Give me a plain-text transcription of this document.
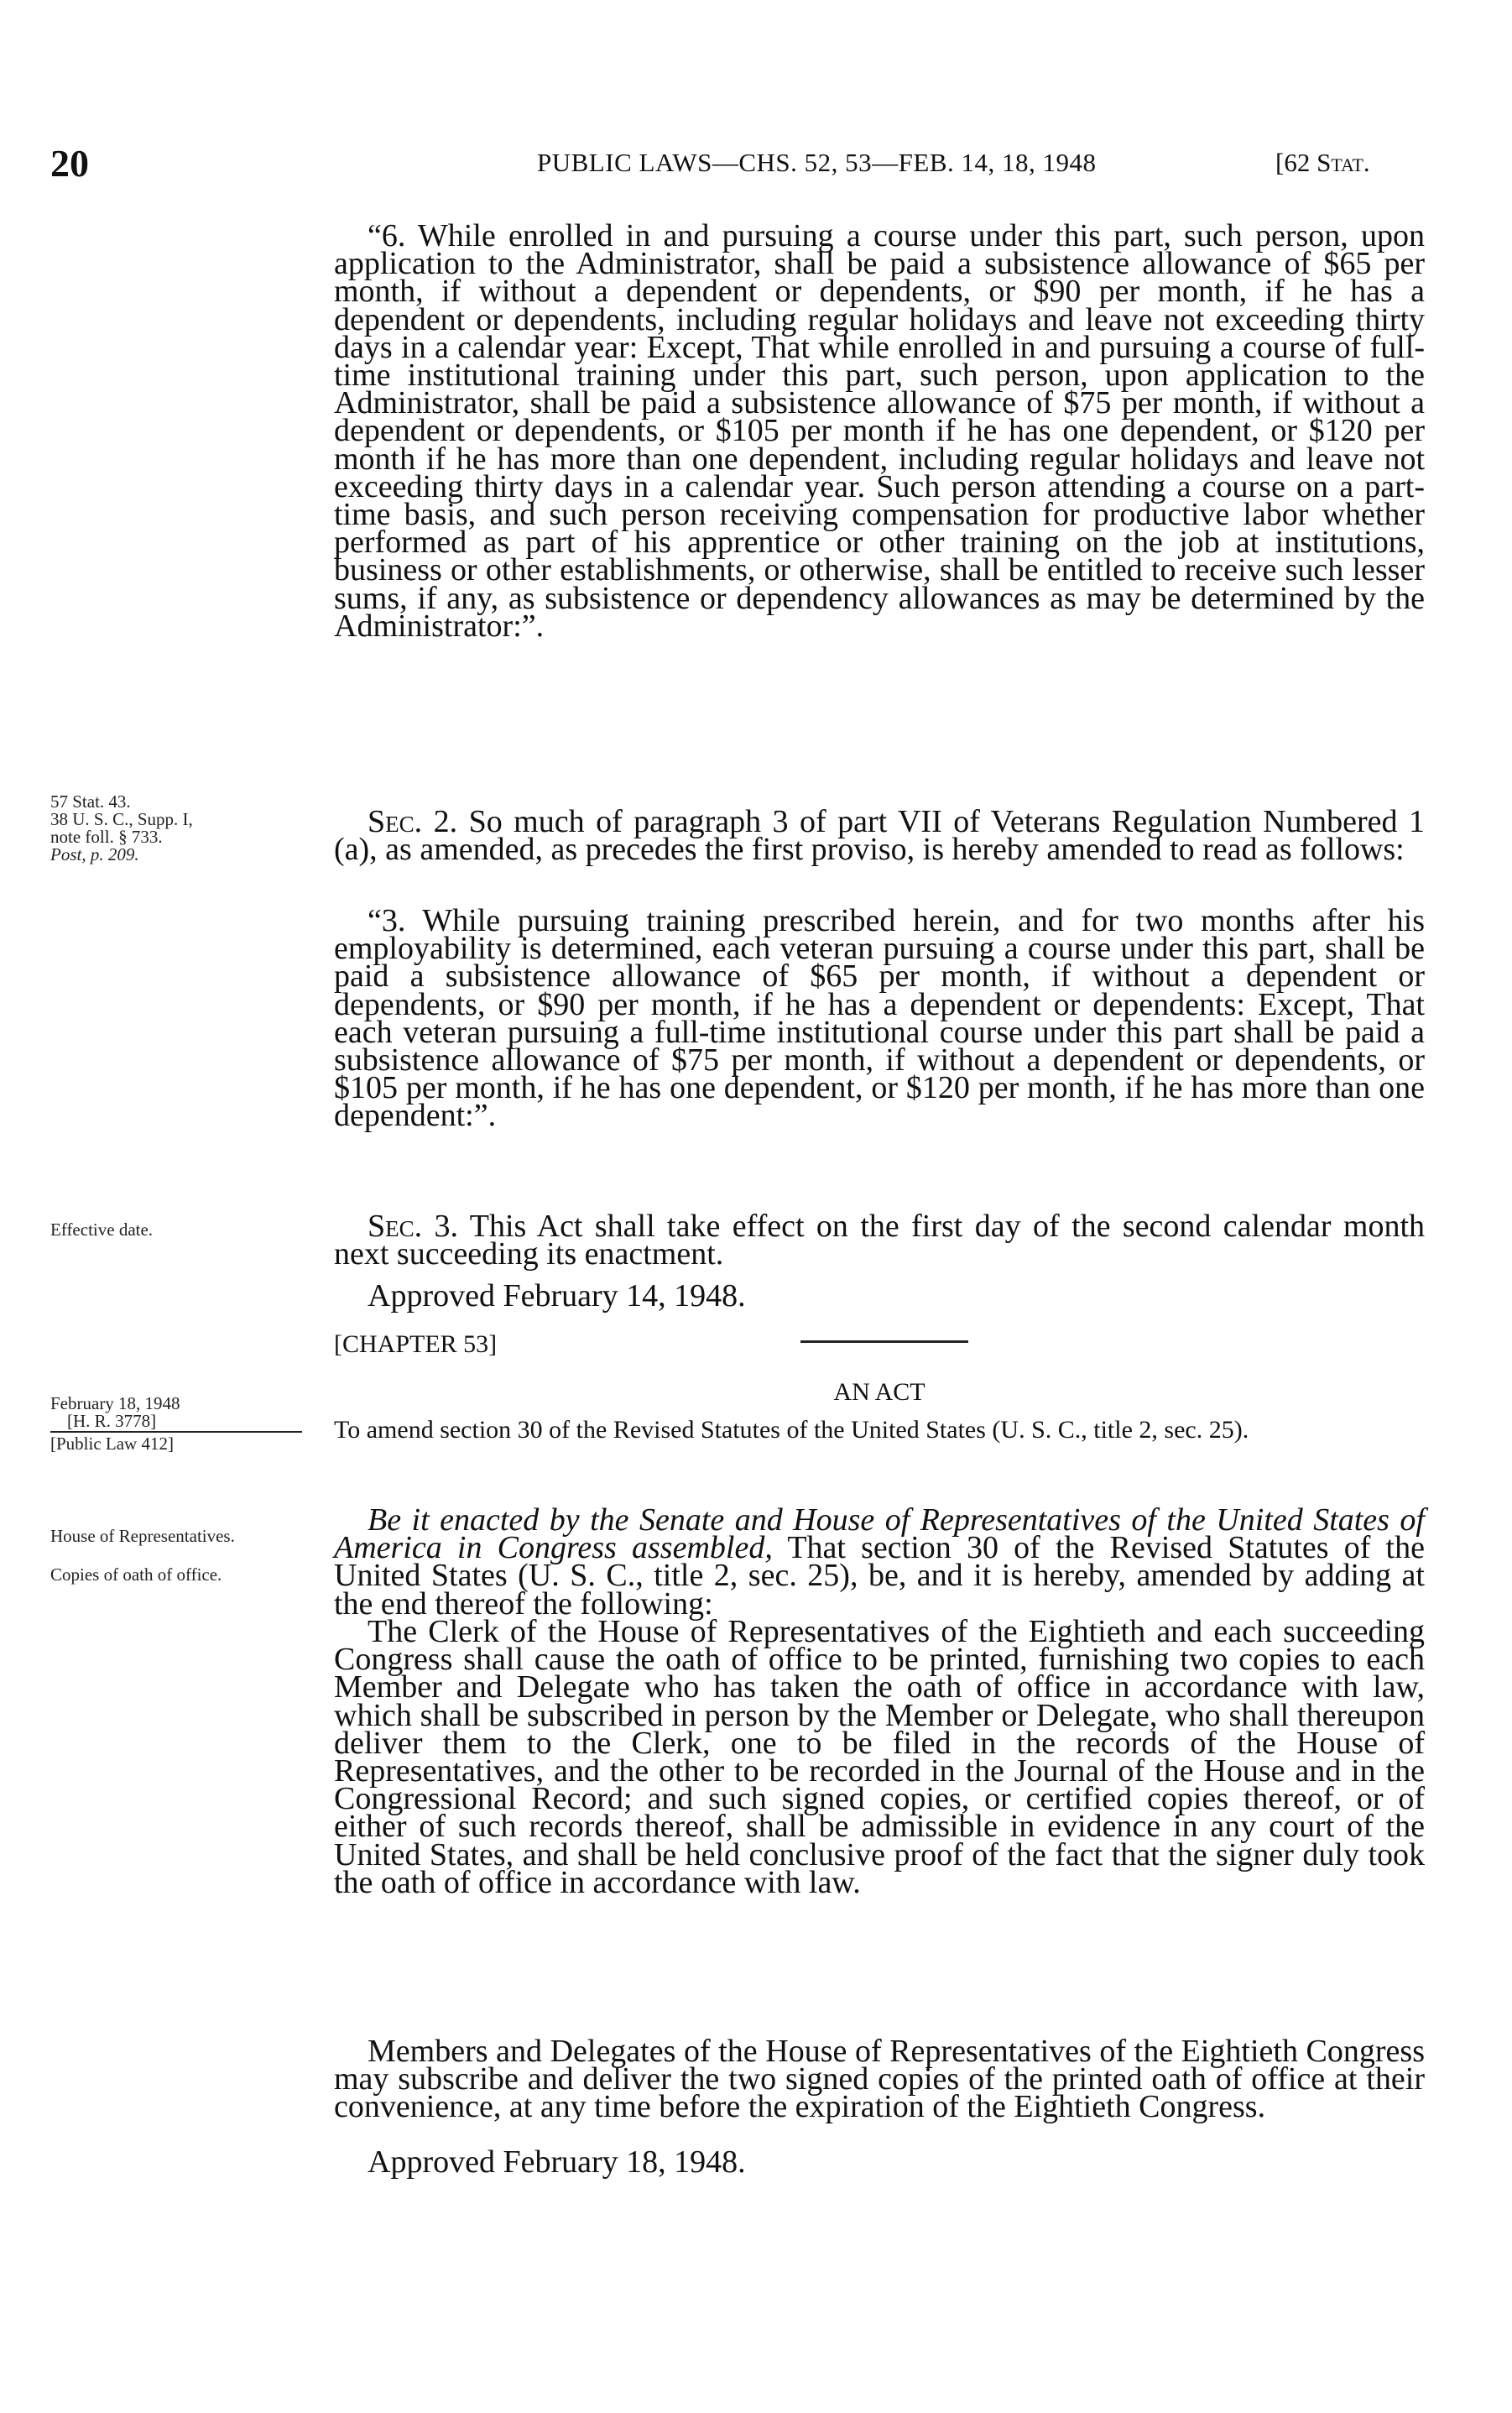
20	PUBLIC LAWS—CHS. 52, 53—FEB. 14, 18, 1948	[62 Stat.

“6. While enrolled in and pursuing a course under this part, such person, upon application to the Administrator, shall be paid a subsistence allowance of $65 per month, if without a dependent or dependents, or $90 per month, if he has a dependent or dependents, including regular holidays and leave not exceeding thirty days in a calendar year: Except, That while enrolled in and pursuing a course of full-time institutional training under this part, such person, upon application to the Administrator, shall be paid a subsistence allowance of $75 per month, if without a dependent or dependents, or $105 per month if he has one dependent, or $120 per month if he has more than one dependent, including regular holidays and leave not exceeding thirty days in a calendar year. Such person attending a course on a part-time basis, and such person receiving compensation for productive labor whether performed as part of his apprentice or other training on the job at institutions, business or other establishments, or otherwise, shall be entitled to receive such lesser sums, if any, as subsistence or dependency allowances as may be determined by the Administrator:”.

Sec. 2. So much of paragraph 3 of part VII of Veterans Regulation Numbered 1 (a), as amended, as precedes the first proviso, is hereby amended to read as follows:

“3. While pursuing training prescribed herein, and for two months after his employability is determined, each veteran pursuing a course under this part, shall be paid a subsistence allowance of $65 per month, if without a dependent or dependents, or $90 per month, if he has a dependent or dependents: Except, That each veteran pursuing a full-time institutional course under this part shall be paid a subsistence allowance of $75 per month, if without a dependent or dependents, or $105 per month, if he has one dependent, or $120 per month, if he has more than one dependent:”.

Sec. 3. This Act shall take effect on the first day of the second calendar month next succeeding its enactment.

Approved February 14, 1948.

[CHAPTER 53]
AN ACT

To amend section 30 of the Revised Statutes of the United States (U. S. C., title 2, sec. 25).

Be it enacted by the Senate and House of Representatives of the United States of America in Congress assembled, That section 30 of the Revised Statutes of the United States (U. S. C., title 2, sec. 25), be, and it is hereby, amended by adding at the end thereof the following:

The Clerk of the House of Representatives of the Eightieth and each succeeding Congress shall cause the oath of office to be printed, furnishing two copies to each Member and Delegate who has taken the oath of office in accordance with law, which shall be subscribed in person by the Member or Delegate, who shall thereupon deliver them to the Clerk, one to be filed in the records of the House of Representatives, and the other to be recorded in the Journal of the House and in the Congressional Record; and such signed copies, or certified copies thereof, or of either of such records thereof, shall be admissible in evidence in any court of the United States, and shall be held conclusive proof of the fact that the signer duly took the oath of office in accordance with law.

Members and Delegates of the House of Representatives of the Eightieth Congress may subscribe and deliver the two signed copies of the printed oath of office at their convenience, at any time before the expiration of the Eightieth Congress.

Approved February 18, 1948.

57 Stat. 43.
38 U. S. C., Supp. I,
note foll. § 733.
Post, p. 209.
Effective date.
February 18, 1948
[H. R. 3778]
[Public Law 412]
House of Representatives.
Copies of oath of office.
